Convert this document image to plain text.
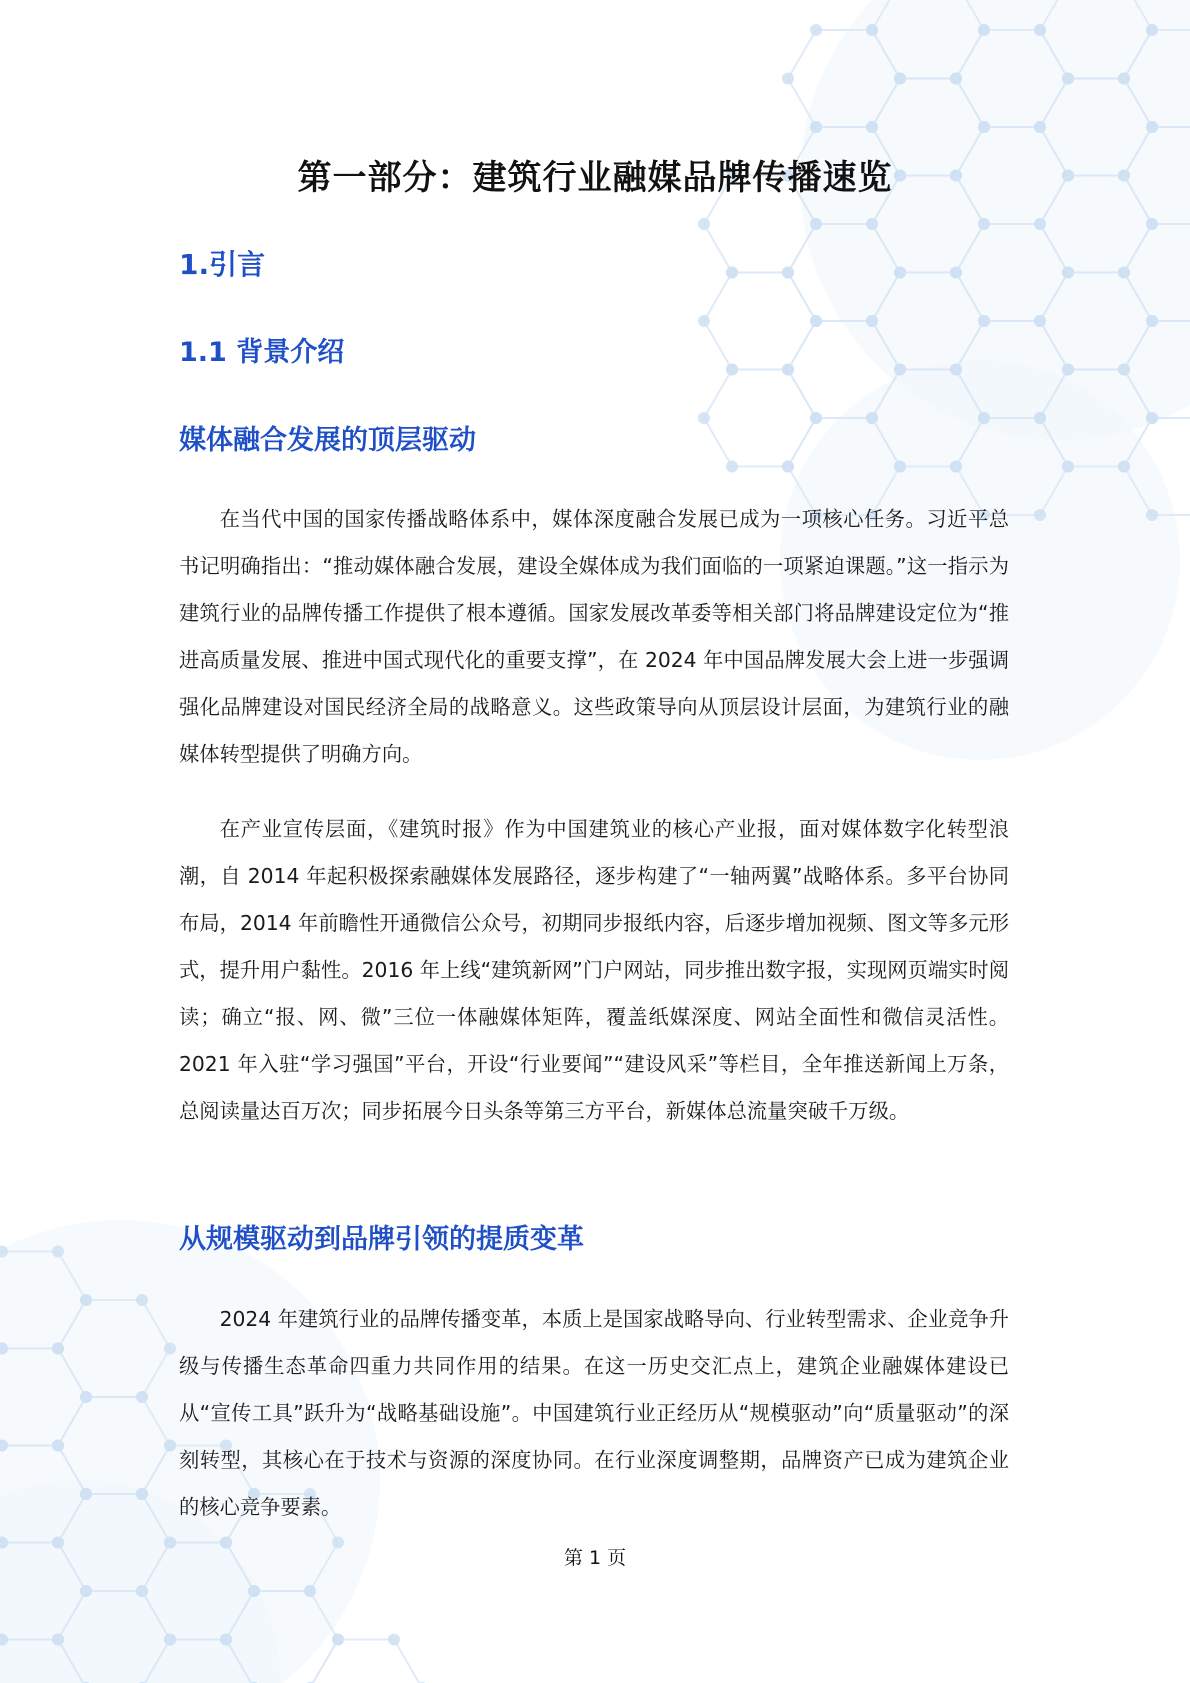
第一部分：建筑行业融媒品牌传播速览
1.引言
1.1 背景介绍
媒体融合发展的顶层驱动

在当代中国的国家传播战略体系中，媒体深度融合发展已成为一项核心任务。习近平总书记明确指出：“推动媒体融合发展，建设全媒体成为我们面临的一项紧迫课题。”这一指示为建筑行业的品牌传播工作提供了根本遵循。国家发展改革委等相关部门将品牌建设定位为“推进高质量发展、推进中国式现代化的重要支撑”，在 2024 年中国品牌发展大会上进一步强调强化品牌建设对国民经济全局的战略意义。这些政策导向从顶层设计层面，为建筑行业的融媒体转型提供了明确方向。

在产业宣传层面，《建筑时报》作为中国建筑业的核心产业报，面对媒体数字化转型浪潮，自 2014 年起积极探索融媒体发展路径，逐步构建了“一轴两翼”战略体系。多平台协同布局，2014 年前瞻性开通微信公众号，初期同步报纸内容，后逐步增加视频、图文等多元形式，提升用户黏性。2016 年上线“建筑新网”门户网站，同步推出数字报，实现网页端实时阅读；确立“报、网、微”三位一体融媒体矩阵，覆盖纸媒深度、网站全面性和微信灵活性。2021 年入驻“学习强国”平台，开设“行业要闻”“建设风采”等栏目，全年推送新闻上万条，总阅读量达百万次；同步拓展今日头条等第三方平台，新媒体总流量突破千万级。

从规模驱动到品牌引领的提质变革

2024 年建筑行业的品牌传播变革，本质上是国家战略导向、行业转型需求、企业竞争升级与传播生态革命四重力共同作用的结果。在这一历史交汇点上，建筑企业融媒体建设已从“宣传工具”跃升为“战略基础设施”。中国建筑行业正经历从“规模驱动”向“质量驱动”的深刻转型，其核心在于技术与资源的深度协同。在行业深度调整期，品牌资产已成为建筑企业的核心竞争要素。

第 1 页
